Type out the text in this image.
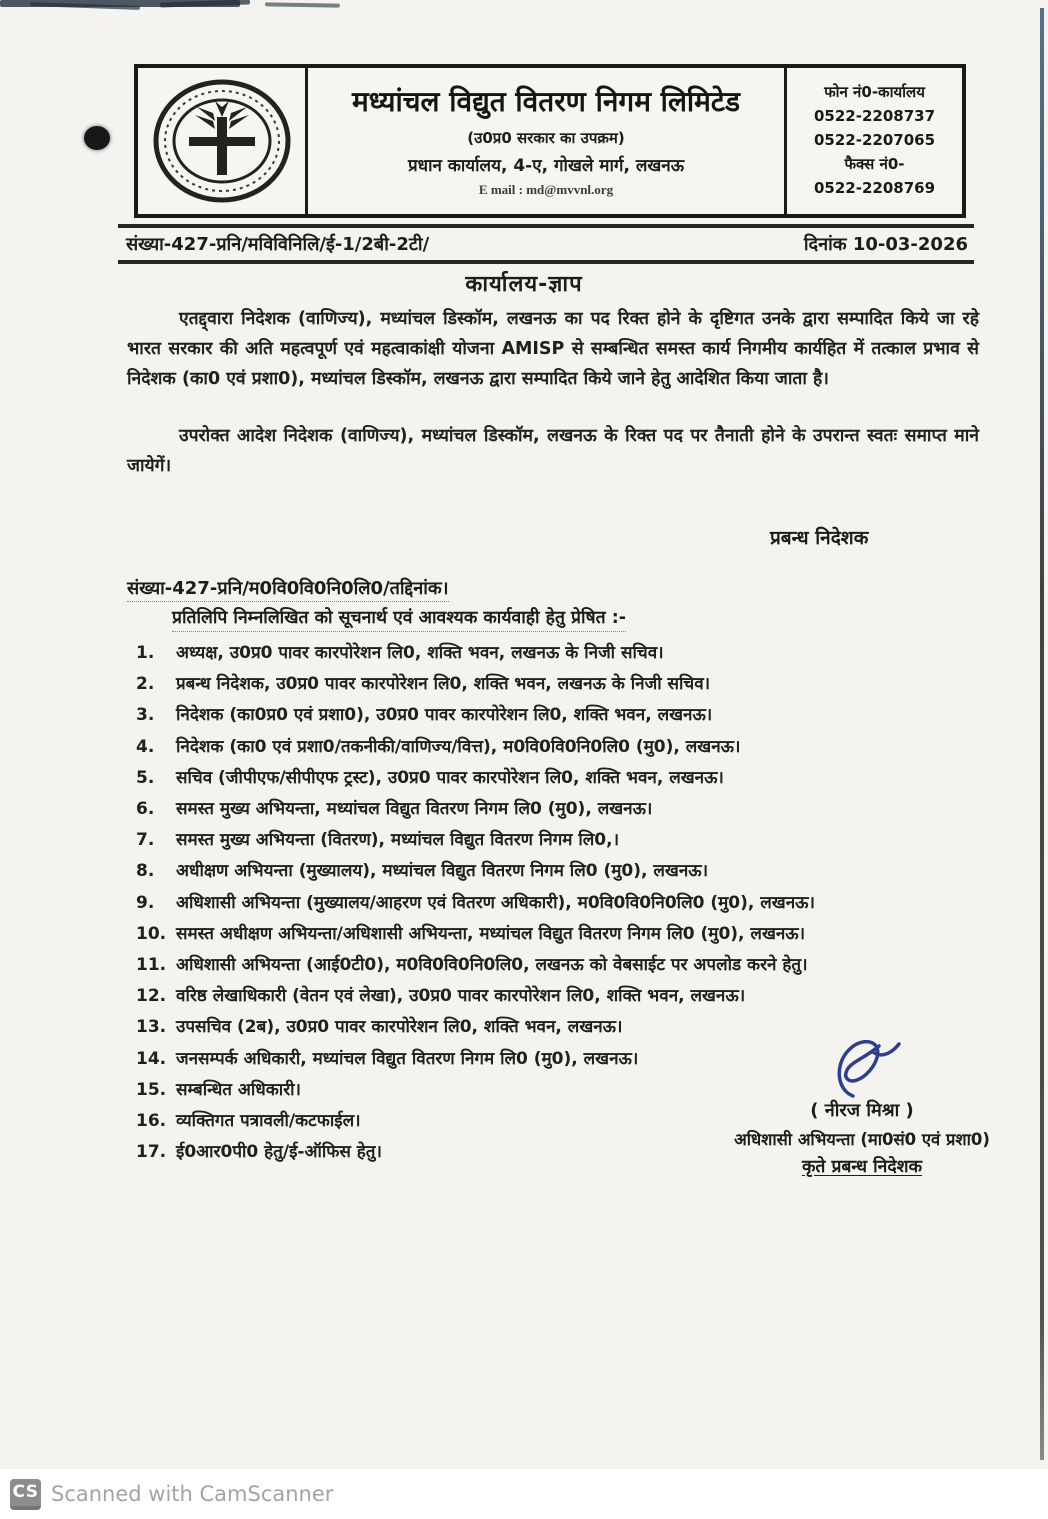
मध्यांचल विद्युत वितरण निगम लिमिटेड
(उ0प्र0 सरकार का उपक्रम)
प्रधान कार्यालय, 4-ए, गोखले मार्ग, लखनऊ
E mail : md@mvvnl.org
फोन नं0-कार्यालय
0522-2208737
0522-2207065
फैक्स नं0-
0522-2208769
संख्या-427-प्रनि/मविविनिलि/ई-1/2बी-2टी/	दिनांक 10-03-2026
कार्यालय-ज्ञाप
एतद्द्वारा निदेशक (वाणिज्य), मध्यांचल डिस्कॉम, लखनऊ का पद रिक्त होने के दृष्टिगत उनके द्वारा सम्पादित किये जा रहे भारत सरकार की अति महत्वपूर्ण एवं महत्वाकांक्षी योजना AMISP से सम्बन्धित समस्त कार्य निगमीय कार्यहित में तत्काल प्रभाव से निदेशक (का0 एवं प्रशा0), मध्यांचल डिस्कॉम, लखनऊ द्वारा सम्पादित किये जाने हेतु आदेशित किया जाता है।
उपरोक्त आदेश निदेशक (वाणिज्य), मध्यांचल डिस्कॉम, लखनऊ के रिक्त पद पर तैनाती होने के उपरान्त स्वतः समाप्त माने जायेगें।
प्रबन्ध निदेशक
संख्या-427-प्रनि/म0वि0वि0नि0लि0/तद्दिनांक।
प्रतिलिपि निम्नलिखित को सूचनार्थ एवं आवश्यक कार्यवाही हेतु प्रेषित :-
1.	अध्यक्ष, उ0प्र0 पावर कारपोरेशन लि0, शक्ति भवन, लखनऊ के निजी सचिव।
2.	प्रबन्ध निदेशक, उ0प्र0 पावर कारपोरेशन लि0, शक्ति भवन, लखनऊ के निजी सचिव।
3.	निदेशक (का0प्र0 एवं प्रशा0), उ0प्र0 पावर कारपोरेशन लि0, शक्ति भवन, लखनऊ।
4.	निदेशक (का0 एवं प्रशा0/तकनीकी/वाणिज्य/वित्त), म0वि0वि0नि0लि0 (मु0), लखनऊ।
5.	सचिव (जीपीएफ/सीपीएफ ट्रस्ट), उ0प्र0 पावर कारपोरेशन लि0, शक्ति भवन, लखनऊ।
6.	समस्त मुख्य अभियन्ता, मध्यांचल विद्युत वितरण निगम लि0 (मु0), लखनऊ।
7.	समस्त मुख्य अभियन्ता (वितरण), मध्यांचल विद्युत वितरण निगम लि0,।
8.	अधीक्षण अभियन्ता (मुख्यालय), मध्यांचल विद्युत वितरण निगम लि0 (मु0), लखनऊ।
9.	अधिशासी अभियन्ता (मुख्यालय/आहरण एवं वितरण अधिकारी), म0वि0वि0नि0लि0 (मु0), लखनऊ।
10. समस्त अधीक्षण अभियन्ता/अधिशासी अभियन्ता, मध्यांचल विद्युत वितरण निगम लि0 (मु0), लखनऊ।
11. अधिशासी अभियन्ता (आई0टी0), म0वि0वि0नि0लि0, लखनऊ को वेबसाईट पर अपलोड करने हेतु।
12. वरिष्ठ लेखाधिकारी (वेतन एवं लेखा), उ0प्र0 पावर कारपोरेशन लि0, शक्ति भवन, लखनऊ।
13. उपसचिव (2ब), उ0प्र0 पावर कारपोरेशन लि0, शक्ति भवन, लखनऊ।
14. जनसम्पर्क अधिकारी, मध्यांचल विद्युत वितरण निगम लि0 (मु0), लखनऊ।
15. सम्बन्धित अधिकारी।
16. व्यक्तिगत पत्रावली/कटफाईल।
17. ई0आर0पी0 हेतु/ई-ऑफिस हेतु।
( नीरज मिश्रा )
अधिशासी अभियन्ता (मा0सं0 एवं प्रशा0)
कृते प्रबन्ध निदेशक
CS Scanned with CamScanner
